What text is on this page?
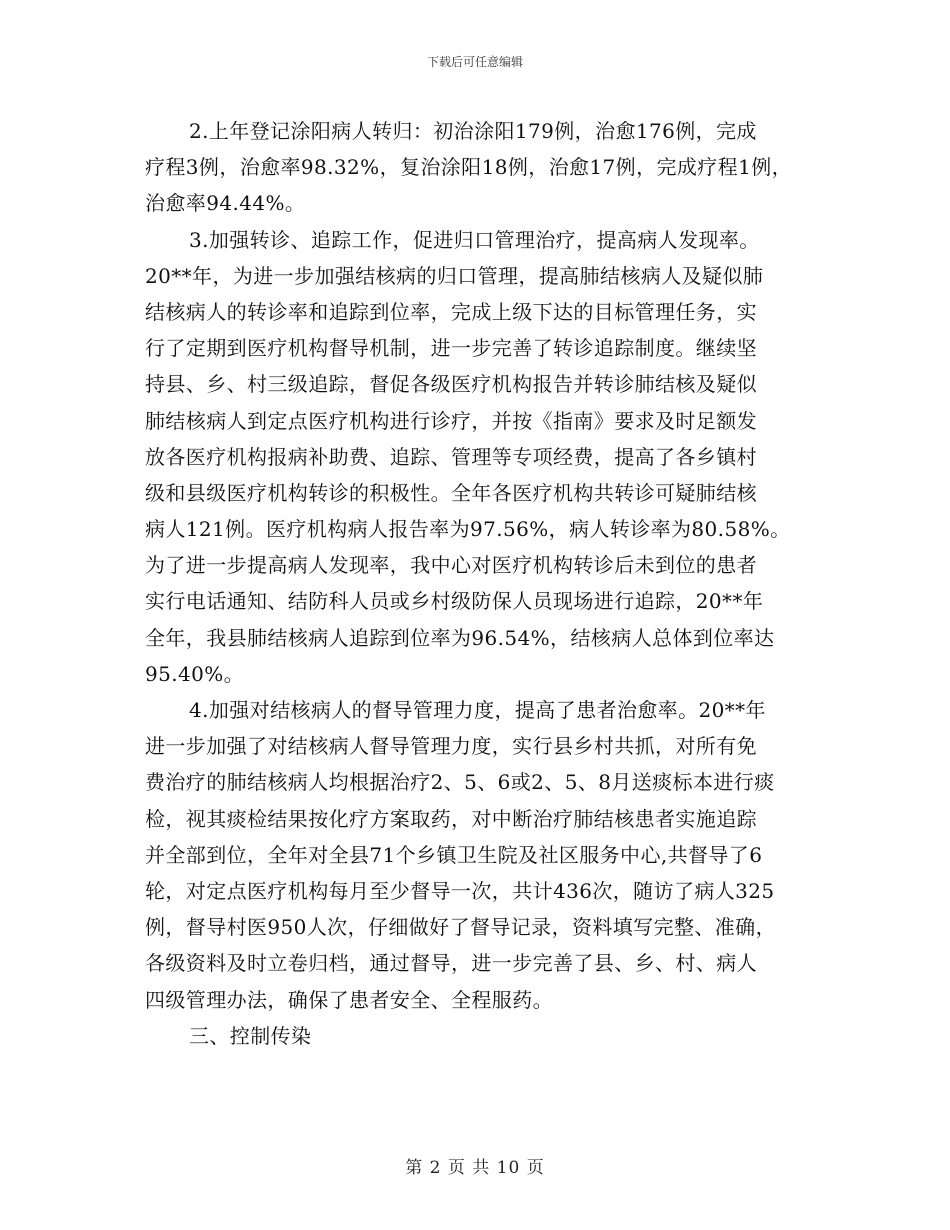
下载后可任意编辑
2.上年登记涂阳病人转归：初治涂阳179例，治愈176例，完成
疗程3例，治愈率98.32%，复治涂阳18例，治愈17例，完成疗程1例，
治愈率94.44%。
3.加强转诊、追踪工作，促进归口管理治疗，提高病人发现率。
20**年，为进一步加强结核病的归口管理，提高肺结核病人及疑似肺
结核病人的转诊率和追踪到位率，完成上级下达的目标管理任务，实
行了定期到医疗机构督导机制，进一步完善了转诊追踪制度。继续坚
持县、乡、村三级追踪，督促各级医疗机构报告并转诊肺结核及疑似
肺结核病人到定点医疗机构进行诊疗，并按《指南》要求及时足额发
放各医疗机构报病补助费、追踪、管理等专项经费，提高了各乡镇村
级和县级医疗机构转诊的积极性。全年各医疗机构共转诊可疑肺结核
病人121例。医疗机构病人报告率为97.56%，病人转诊率为80.58%。
为了进一步提高病人发现率，我中心对医疗机构转诊后未到位的患者
实行电话通知、结防科人员或乡村级防保人员现场进行追踪，20**年
全年，我县肺结核病人追踪到位率为96.54%，结核病人总体到位率达
95.40%。
4.加强对结核病人的督导管理力度，提高了患者治愈率。20**年
进一步加强了对结核病人督导管理力度，实行县乡村共抓，对所有免
费治疗的肺结核病人均根据治疗2、5、6或2、5、8月送痰标本进行痰
检，视其痰检结果按化疗方案取药，对中断治疗肺结核患者实施追踪
并全部到位，全年对全县71个乡镇卫生院及社区服务中心,共督导了6
轮，对定点医疗机构每月至少督导一次，共计436次，随访了病人325
例，督导村医950人次，仔细做好了督导记录，资料填写完整、准确，
各级资料及时立卷归档，通过督导，进一步完善了县、乡、村、病人
四级管理办法，确保了患者安全、全程服药。
三、控制传染
第 2 页 共 10 页
